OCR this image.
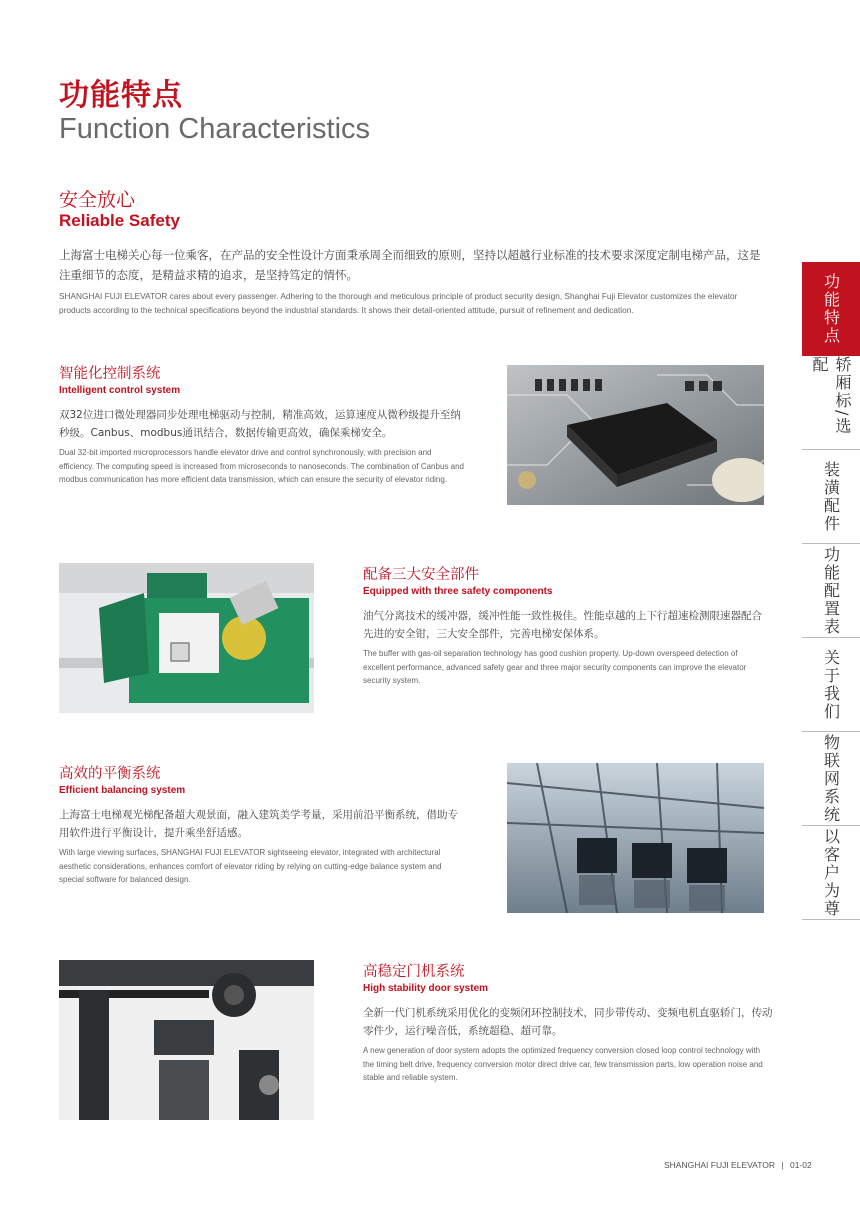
功能特点
Function Characteristics
安全放心
Reliable Safety
上海富士电梯关心每一位乘客，在产品的安全性设计方面秉承周全而细致的原则，坚持以超越行业标准的技术要求深度定制电梯产品，这是注重细节的态度，是精益求精的追求，是坚持笃定的情怀。
SHANGHAI FUJI ELEVATOR cares about every passenger. Adhering to the thorough and meticulous principle of product security design, Shanghai Fuji Elevator customizes the elevator products according to the technical specifications beyond the industrial standards. It shows their detail-oriented attitude, pursuit of refinement and dedication.
智能化控制系统
Intelligent control system
双32位进口微处理器同步处理电梯驱动与控制，精准高效，运算速度从微秒级提升至纳秒级。Canbus、modbus通讯结合，数据传输更高效，确保乘梯安全。
Dual 32-bit imported microprocessors handle elevator drive and control synchronously, with precision and efficiency. The computing speed is increased from microseconds to nanoseconds. The combination of Canbus and modbus communication has more efficient data transmission, which can ensure the security of elevator riding.
配备三大安全部件
Equipped with three safety components
油气分离技术的缓冲器，缓冲性能一致性极佳。性能卓越的上下行超速检测限速器配合先进的安全钳，三大安全部件，完善电梯安保体系。
The buffer with gas-oil separation technology has good cushion property. Up-down overspeed detection of excellent performance, advanced safety gear and three major security components can improve the elevator security system.
高效的平衡系统
Efficient balancing system
上海富士电梯观光梯配备超大观景面，融入建筑美学考量，采用前沿平衡系统，借助专用软件进行平衡设计，提升乘坐舒适感。
With large viewing surfaces, SHANGHAI FUJI ELEVATOR sightseeing elevator, integrated with architectural aesthetic considerations, enhances comfort of elevator riding by relying on cutting-edge balance system and special software for balanced design.
高稳定门机系统
High stability door system
全新一代门机系统采用优化的变频闭环控制技术，同步带传动、变频电机直驱轿门，传动零件少，运行噪音低，系统超稳、超可靠。
A new generation of door system adopts the optimized frequency conversion closed loop control technology with the timing belt drive, frequency conversion motor direct drive car, few transmission parts, low operation noise and stable and reliable system.
功能特点
轿厢标/选配
装潢配件
功能配置表
关于我们
物联网系统
以客户为尊
SHANGHAI FUJI ELEVATOR | 01-02
